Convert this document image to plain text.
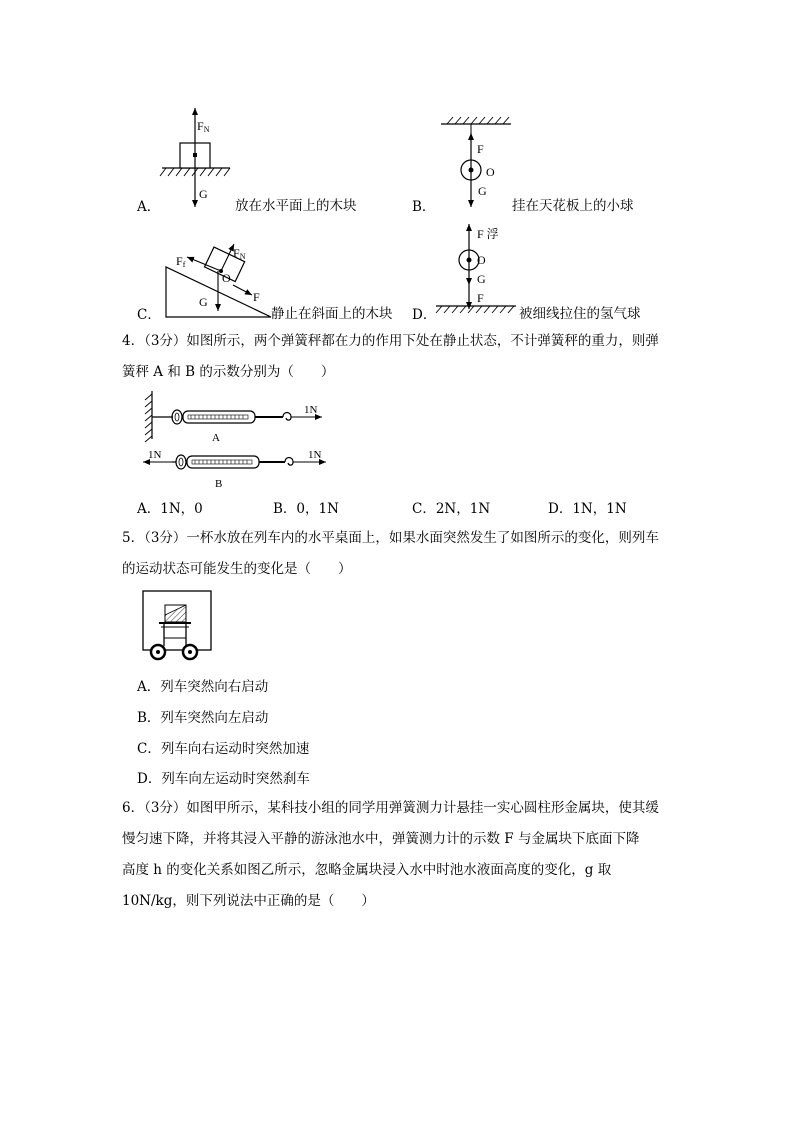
FN
G
A．	放在水平面上的木块
F
O
G
B．	挂在天花板上的小球
Ff
FN
O
G	F
C．	静止在斜面上的木块
F 浮
O
G
F
D．	被细线拉住的氢气球
4．（3分）如图所示，两个弹簧秤都在力的作用下处在静止状态，不计弹簧秤的重力，则弹
簧秤 A 和 B 的示数分别为（　　）
1N
A
1N	1N
B
A．1N，0	B．0，1N	C．2N，1N	D．1N，1N
5．（3分）一杯水放在列车内的水平桌面上，如果水面突然发生了如图所示的变化，则列车
的运动状态可能发生的变化是（　　）
A．列车突然向右启动
B．列车突然向左启动
C．列车向右运动时突然加速
D．列车向左运动时突然刹车
6．（3分）如图甲所示，某科技小组的同学用弹簧测力计悬挂一实心圆柱形金属块，使其缓
慢匀速下降，并将其浸入平静的游泳池水中，弹簧测力计的示数 F 与金属块下底面下降
高度 h 的变化关系如图乙所示，忽略金属块浸入水中时池水液面高度的变化，g 取
10N/kg，则下列说法中正确的是（　　）
